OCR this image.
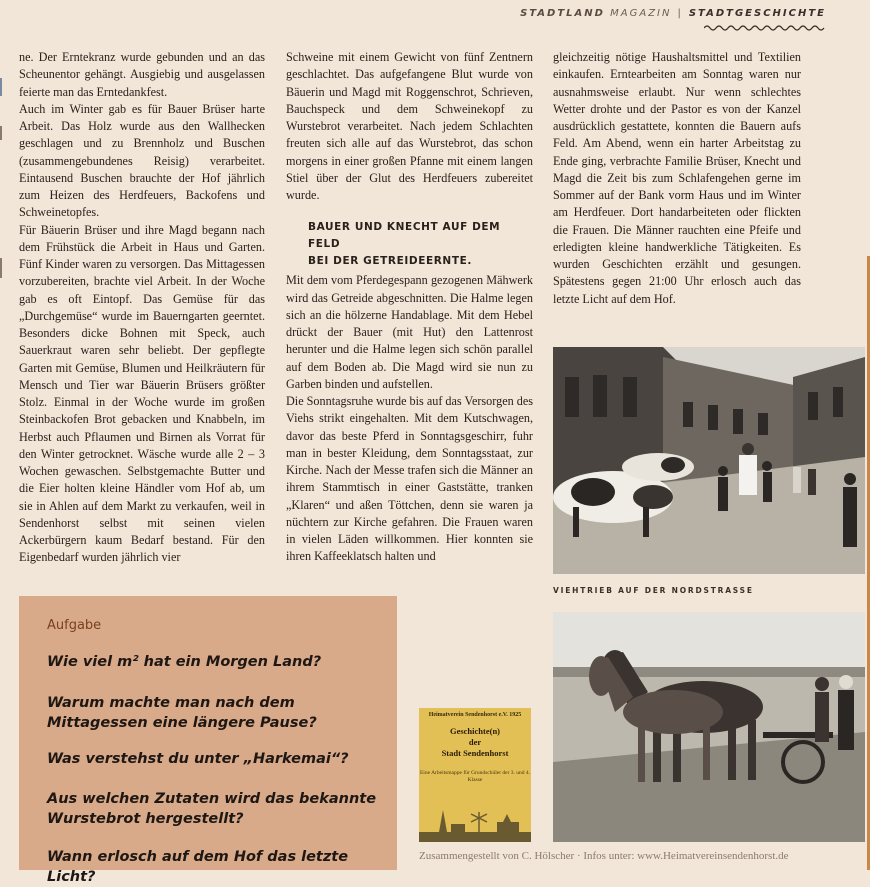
STADTLAND MAGAZIN | STADTGESCHICHTE

ne. Der Erntekranz wurde gebunden und an das Scheunentor gehängt. Ausgiebig und ausgelassen feierte man das Erntedankfest.

Auch im Winter gab es für Bauer Brüser harte Arbeit. Das Holz wurde aus den Wallhecken geschlagen und zu Brennholz und Buschen (zusammengebundenes Reisig) verarbeitet. Eintausend Buschen brauchte der Hof jährlich zum Heizen des Herdfeuers, Backofens und Schweinetopfes.

Für Bäuerin Brüser und ihre Magd begann nach dem Frühstück die Arbeit in Haus und Garten. Fünf Kinder waren zu versorgen. Das Mittagessen vorzubereiten, brachte viel Arbeit. In der Woche gab es oft Eintopf. Das Gemüse für das „Durchgemüse“ wurde im Bauerngarten geerntet. Besonders dicke Bohnen mit Speck, auch Sauerkraut waren sehr beliebt. Der gepflegte Garten mit Gemüse, Blumen und Heilkräutern für Mensch und Tier war Bäuerin Brüsers größter Stolz. Einmal in der Woche wurde im großen Steinbackofen Brot gebacken und Knabbeln, im Herbst auch Pflaumen und Birnen als Vorrat für den Winter getrocknet. Wäsche wurde alle 2 – 3 Wochen gewaschen. Selbstgemachte Butter und die Eier holten kleine Händler vom Hof ab, um sie in Ahlen auf dem Markt zu verkaufen, weil in Sendenhorst selbst mit seinen vielen Ackerbürgern kaum Bedarf bestand. Für den Eigenbedarf wurden jährlich vier

Schweine mit einem Gewicht von fünf Zentnern geschlachtet. Das aufgefangene Blut wurde von Bäuerin und Magd mit Roggenschrot, Schrieven, Bauchspeck und dem Schweinekopf zu Wurstebrot verarbeitet. Nach jedem Schlachten freuten sich alle auf das Wurstebrot, das schon morgens in einer großen Pfanne mit einem langen Stiel über der Glut des Herdfeuers zubereitet wurde.

BAUER UND KNECHT AUF DEM FELD
BEI DER GETREIDEERNTE.

Mit dem vom Pferdegespann gezogenen Mähwerk wird das Getreide abgeschnitten. Die Halme legen sich an die hölzerne Handablage. Mit dem Hebel drückt der Bauer (mit Hut) den Lattenrost herunter und die Halme legen sich schön parallel auf dem Boden ab. Die Magd wird sie nun zu Garben binden und aufstellen.

Die Sonntagsruhe wurde bis auf das Versorgen des Viehs strikt eingehalten. Mit dem Kutschwagen, davor das beste Pferd in Sonntagsgeschirr, fuhr man in bester Kleidung, dem Sonntagsstaat, zur Kirche. Nach der Messe trafen sich die Männer an ihrem Stammtisch in einer Gaststätte, tranken „Klaren“ und aßen Töttchen, denn sie waren ja nüchtern zur Kirche gefahren. Die Frauen waren in vielen Läden willkommen. Hier konnten sie ihren Kaffeeklatsch halten und

gleichzeitig nötige Haushaltsmittel und Textilien einkaufen. Erntearbeiten am Sonntag waren nur ausnahmsweise erlaubt. Nur wenn schlechtes Wetter drohte und der Pastor es von der Kanzel ausdrücklich gestattete, konnten die Bauern aufs Feld. Am Abend, wenn ein harter Arbeitstag zu Ende ging, verbrachte Familie Brüser, Knecht und Magd die Zeit bis zum Schlafengehen gerne im Sommer auf der Bank vorm Haus und im Winter am Herdfeuer. Dort handarbeiteten oder flickten die Frauen. Die Männer rauchten eine Pfeife und erledigten kleine handwerkliche Tätigkeiten. Es wurden Geschichten erzählt und gesungen. Spätestens gegen 21:00 Uhr erlosch auch das letzte Licht auf dem Hof.

VIEHTRIEB AUF DER NORDSTRASSE
Aufgabe
Wie viel m² hat ein Morgen Land?
Warum machte man nach dem Mittagessen eine längere Pause?
Was verstehst du unter „Harkemai“?
Aus welchen Zutaten wird das bekannte Wurstebrot hergestellt?
Wann erlosch auf dem Hof das letzte Licht?
Heimatverein Sendenhorst e.V. 1925
Geschichte(n)
der
Stadt Sendenhorst
Eine Arbeitsmappe für Grundschüler der 3. und 4. Klasse
Zusammengestellt von C. Hölscher · Infos unter: www.Heimatvereinsendenhorst.de
